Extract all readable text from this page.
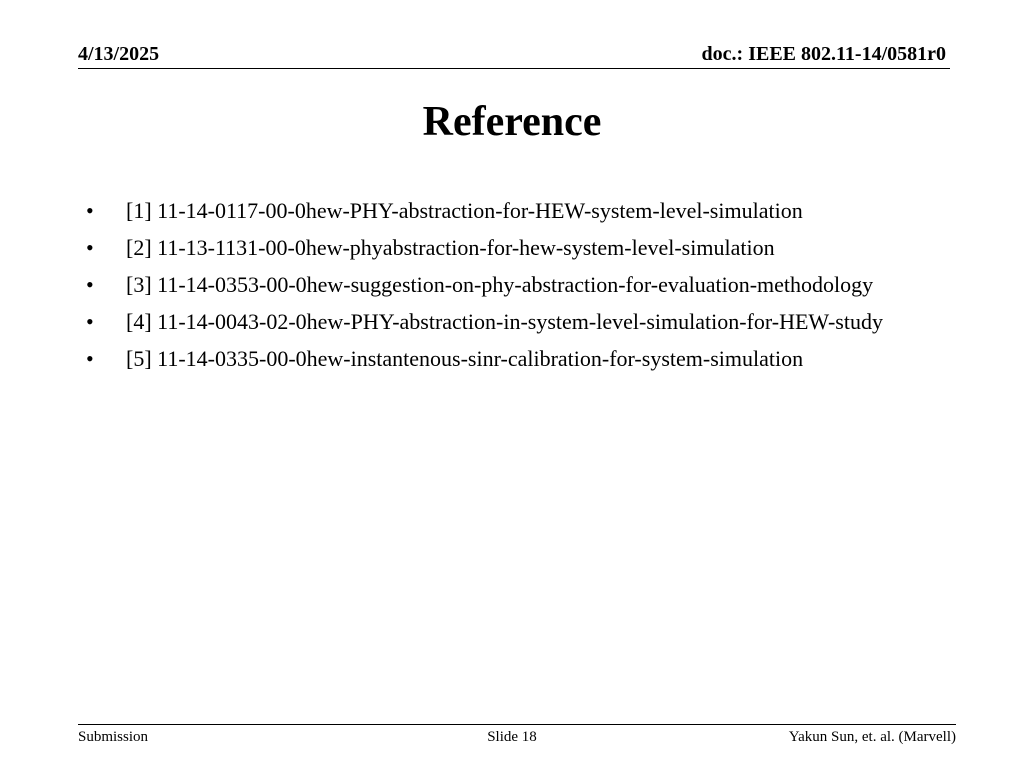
4/13/2025	doc.: IEEE 802.11-14/0581r0
Reference
•	[1] 11-14-0117-00-0hew-PHY-abstraction-for-HEW-system-level-simulation
•	[2] 11-13-1131-00-0hew-phyabstraction-for-hew-system-level-simulation
•	[3] 11-14-0353-00-0hew-suggestion-on-phy-abstraction-for-evaluation-methodology
•	[4] 11-14-0043-02-0hew-PHY-abstraction-in-system-level-simulation-for-HEW-study
•	[5] 11-14-0335-00-0hew-instantenous-sinr-calibration-for-system-simulation
Submission	Slide 18	Yakun Sun, et. al. (Marvell)
